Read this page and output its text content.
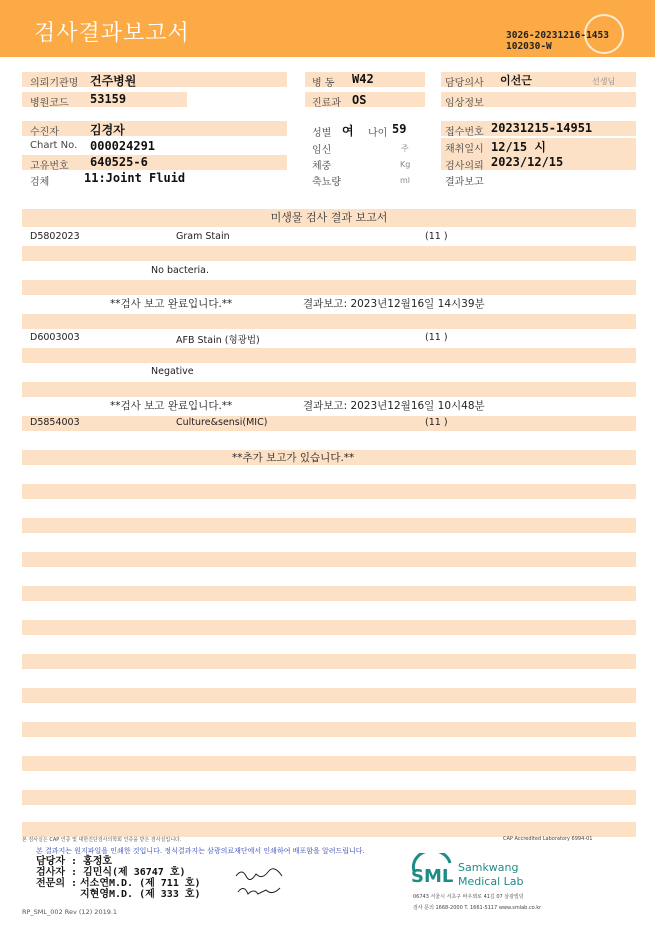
검사결과보고서	3026-20231216-1453
102030-W
의뢰기관명 건주병원
병원코드 53159
병 동 W42
진료과 OS
담당의사 이선근	선생님
임상정보
수진자	김경자
Chart No. 000024291
고유번호 640525-6
검체	11:Joint Fluid
성별 여 나이 59
임신	주
체중	Kg
축뇨량	ml
접수번호 20231215-14951
채취일시 12/15 시
검사의뢰 2023/12/15
결과보고
미생물 검사 결과 보고서
D5802023	Gram Stain	(11 )
No bacteria.
**검사 보고 완료입니다.**	결과보고: 2023년12월16일 14시39분
D6003003	AFB Stain (형광법)	(11 )
Negative
**검사 보고 완료입니다.**	결과보고: 2023년12월16일 10시48분
D5854003	Culture&sensi(MIC)	(11 )
**추가 보고가 있습니다.**
본 검사실은 CAP 인증 및 대한진단검사의학회 인증을 받은 검사실입니다.	CAP Accredited Laboratory 6994-01
본 결과지는 원지파일을 인쇄한 것입니다. 정식결과지는 삼광의료재단에서 인쇄하여 배포함을 알려드립니다.
담당자 : 홍정호
검사자 : 김민식(제 36747 호)
전문의 : 서소연M.D. (제 711 호)
지현영M.D. (제 333 호)
SML Samkwang
Medical Lab
06743 서울시 서초구 바우뫼로 41길 07 삼광빌딩
검사 문의 1668-2000 T. 1661-5117 www.smlab.co.kr
RP_SML_002 Rev (12) 2019.1
